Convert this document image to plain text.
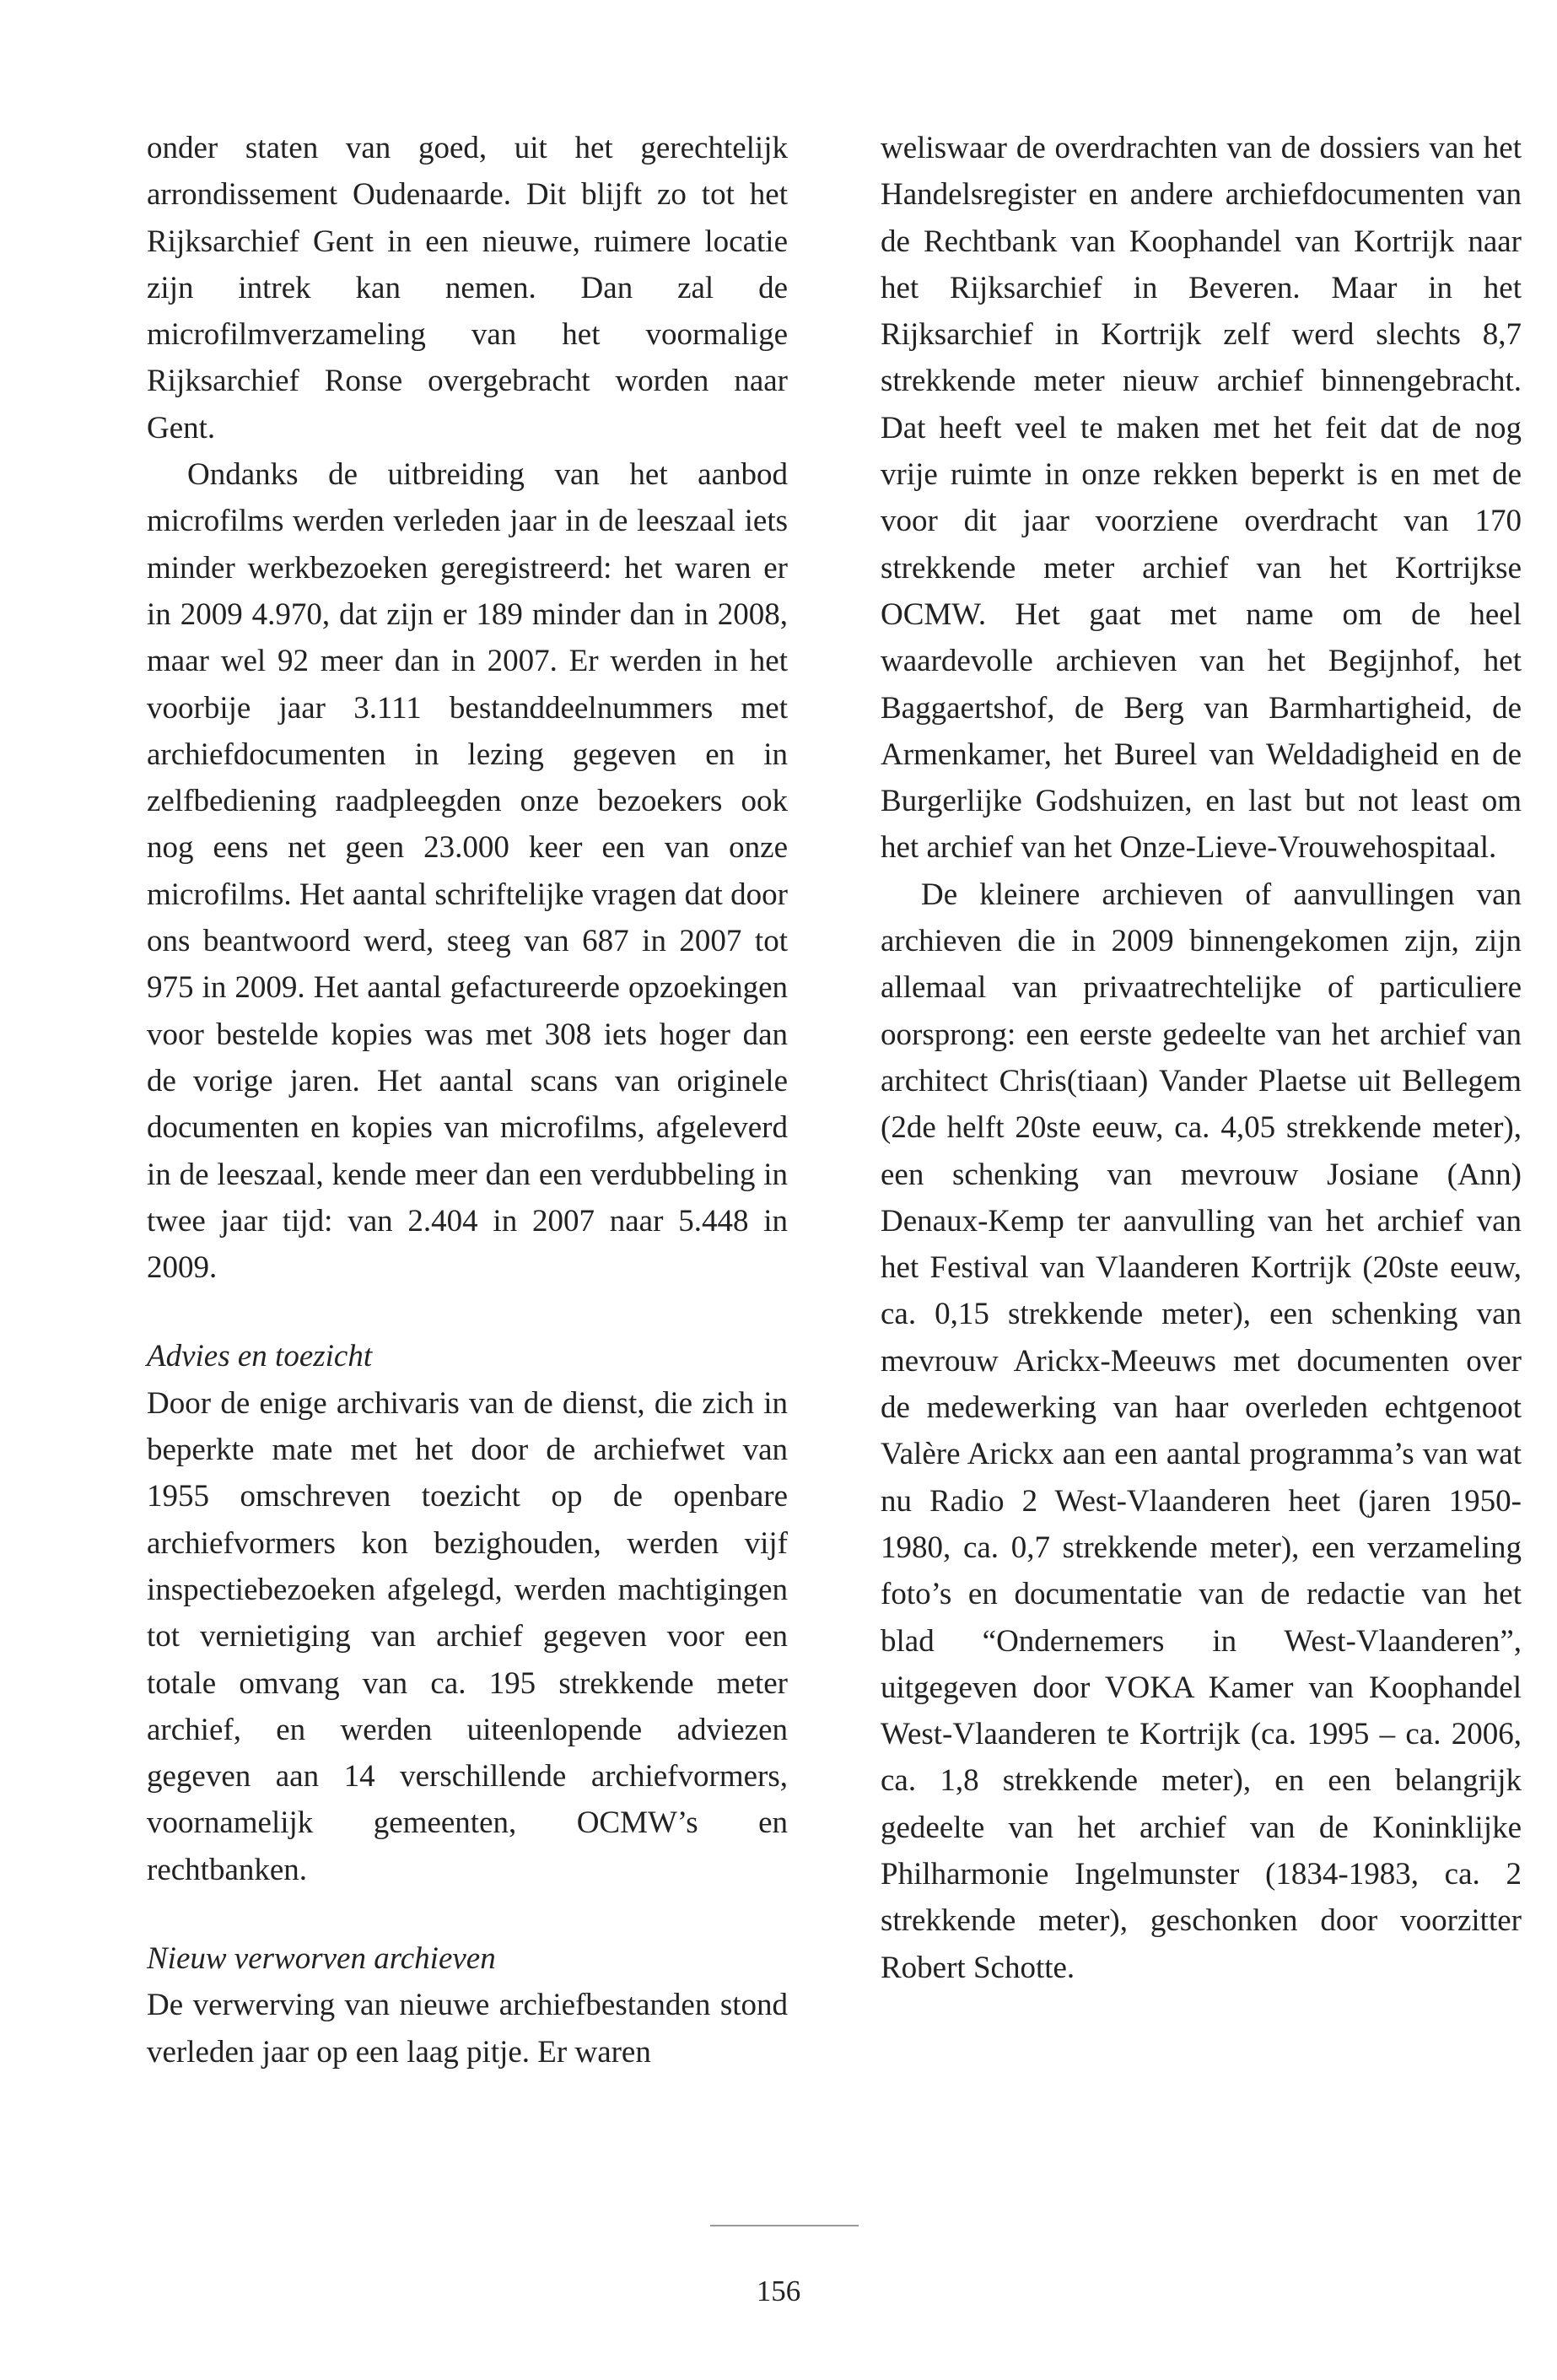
onder staten van goed, uit het gerechtelijk arrondissement Oudenaarde. Dit blijft zo tot het Rijksarchief Gent in een nieuwe, ruimere locatie zijn intrek kan nemen. Dan zal de microfilmverzameling van het voormalige Rijksarchief Ronse overgebracht worden naar Gent.

Ondanks de uitbreiding van het aanbod microfilms werden verleden jaar in de leeszaal iets minder werkbezoeken geregistreerd: het waren er in 2009 4.970, dat zijn er 189 minder dan in 2008, maar wel 92 meer dan in 2007. Er werden in het voorbije jaar 3.111 bestanddeelnummers met archiefdocumenten in lezing gegeven en in zelfbediening raadpleegden onze bezoekers ook nog eens net geen 23.000 keer een van onze microfilms. Het aantal schriftelijke vragen dat door ons beantwoord werd, steeg van 687 in 2007 tot 975 in 2009. Het aantal gefactureerde opzoekingen voor bestelde kopies was met 308 iets hoger dan de vorige jaren. Het aantal scans van originele documenten en kopies van microfilms, afgeleverd in de leeszaal, kende meer dan een verdubbeling in twee jaar tijd: van 2.404 in 2007 naar 5.448 in 2009.

Advies en toezicht

Door de enige archivaris van de dienst, die zich in beperkte mate met het door de archiefwet van 1955 omschreven toezicht op de openbare archiefvormers kon bezighouden, werden vijf inspectiebezoeken afgelegd, werden machtigingen tot vernietiging van archief gegeven voor een totale omvang van ca. 195 strekkende meter archief, en werden uiteenlopende adviezen gegeven aan 14 verschillende archiefvormers, voornamelijk gemeenten, OCMW’s en rechtbanken.

Nieuw verworven archieven

De verwerving van nieuwe archiefbestanden stond verleden jaar op een laag pitje. Er waren

weliswaar de overdrachten van de dossiers van het Handelsregister en andere archiefdocumenten van de Rechtbank van Koophandel van Kortrijk naar het Rijksarchief in Beveren. Maar in het Rijksarchief in Kortrijk zelf werd slechts 8,7 strekkende meter nieuw archief binnengebracht. Dat heeft veel te maken met het feit dat de nog vrije ruimte in onze rekken beperkt is en met de voor dit jaar voorziene overdracht van 170 strekkende meter archief van het Kortrijkse OCMW. Het gaat met name om de heel waardevolle archieven van het Begijnhof, het Baggaertshof, de Berg van Barmhartigheid, de Armenkamer, het Bureel van Weldadigheid en de Burgerlijke Godshuizen, en last but not least om het archief van het Onze-Lieve-Vrouwehospitaal.

De kleinere archieven of aanvullingen van archieven die in 2009 binnengekomen zijn, zijn allemaal van privaatrechtelijke of particuliere oorsprong: een eerste gedeelte van het archief van architect Chris(tiaan) Vander Plaetse uit Bellegem (2de helft 20ste eeuw, ca. 4,05 strekkende meter), een schenking van mevrouw Josiane (Ann) Denaux-Kemp ter aanvulling van het archief van het Festival van Vlaanderen Kortrijk (20ste eeuw, ca. 0,15 strekkende meter), een schenking van mevrouw Arickx-Meeuws met documenten over de medewerking van haar overleden echtgenoot Valère Arickx aan een aantal programma’s van wat nu Radio 2 West-Vlaanderen heet (jaren 1950-1980, ca. 0,7 strekkende meter), een verzameling foto’s en documentatie van de redactie van het blad “Ondernemers in West-Vlaanderen”, uitgegeven door VOKA Kamer van Koophandel West-Vlaanderen te Kortrijk (ca. 1995 – ca. 2006, ca. 1,8 strekkende meter), en een belangrijk gedeelte van het archief van de Koninklijke Philharmonie Ingelmunster (1834-1983, ca. 2 strekkende meter), geschonken door voorzitter Robert Schotte.

156
